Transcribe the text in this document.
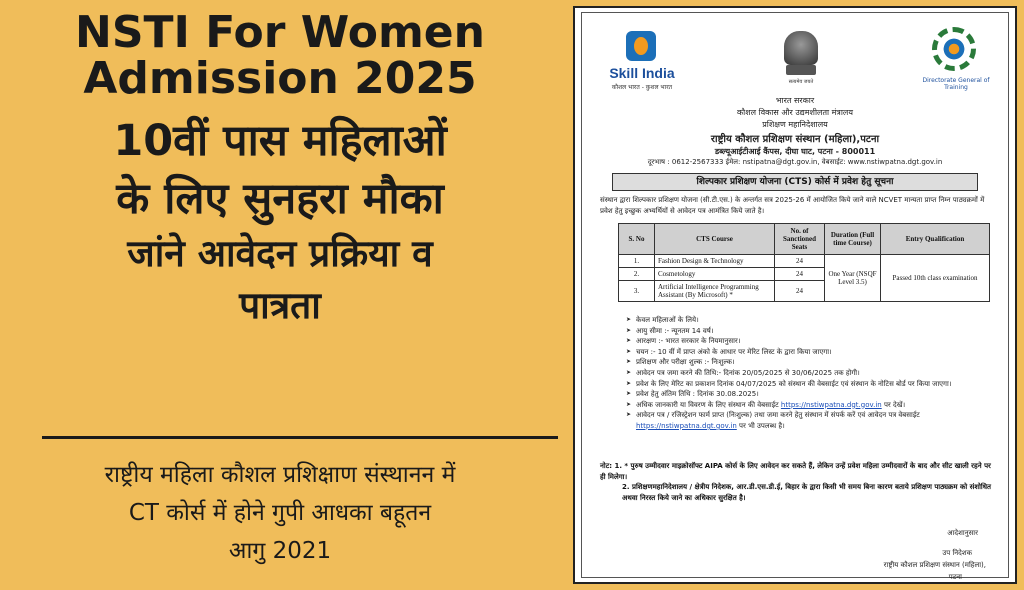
NSTI For Women
Admission 2025
10वीं पास महिलाओं
के लिए सुनहरा मौका
जांने आवेदन प्रक्रिया व
पात्रता
राष्ट्रीय महिला कौशल प्रशिक्षाण संस्थानन में
CT कोर्स में होने गुपी आधका बहूतन
आगु 2021
Skill India
कौशल भारत - कुशल भारत
सत्यमेव जयते	Directorate General of Training
भारत सरकार
कौशल विकास और उद्यमशीलता मंत्रालय
प्रशिक्षण महानिदेशालय
राष्ट्रीय कौशल प्रशिक्षण संस्थान (महिला),पटना
डब्ल्यूआईटीआई कैंपस, दीघा घाट, पटना - 800011
दूरभाष : 0612-2567333 ईमेल: nstipatna@dgt.gov.in, वेबसाईट: www.nstiwpatna.dgt.gov.in
शिल्पकार प्रशिक्षण योजना (CTS) कोर्स में प्रवेश हेतु सूचना
संस्थान द्वारा शिल्पकार प्रशिक्षण योजना (सी.टी.एस.) के अन्तर्गत सत्र 2025-26 में आयोजित किये जाने वाले NCVET मान्यता प्राप्त निम्न पाठ्यक्रमों में प्रवेश हेतु इच्छुक अभ्यर्थियों से आवेदन पत्र आमंत्रित किये जाते है।
S. No	CTS Course	No. of Sanctioned Seats	Duration (Full time Course)	Entry Qualification
1.	Fashion Design & Technology	24	One Year (NSQF Level 3.5)	Passed 10th class examination
2.	Cosmetology	24		
3.	Artificial Intelligence Programming Assistant (By Microsoft) *	24		
➤ केवल महिलाओं के लिये।
➤ आयु सीमा :- न्यूनतम 14 वर्ष।
➤ आरक्षण :- भारत सरकार के नियमानुसार।
➤ चयन :- 10 वीं में प्राप्त अंको के आधार पर मेरिट लिस्ट के द्वारा किया जाएगा।
➤ प्रशिक्षण और परीक्षा शुल्क :- निःशुल्क।
➤ आवेदन पत्र जमा करने की तिथि:- दिनांक 20/05/2025 से 30/06/2025 तक होगी।
➤ प्रवेश के लिए मेरिट का प्रकाशन दिनांक 04/07/2025 को संस्थान की वेबसाईट एवं संस्थान के नोटिस बोर्ड पर किया जाएगा।
➤ प्रवेश हेतु अंतिम तिथि : दिनांक 30.08.2025।
➤ अधिक जानकारी या विवरण के लिए संस्थान की वेबसाईट https://nstiwpatna.dgt.gov.in पर देखें।
➤ आवेदन पत्र / रजिस्ट्रेशन फार्म प्राप्त (निःशुल्क) तथा जमा करने हेतु संस्थान में संपर्क करें एवं आवेदन पत्र वेबसाईट https://nstiwpatna.dgt.gov.in पर भी उपलब्ध है।
नोट: 1. * पुरुष उम्मीदवार माइक्रोसॉफ्ट AIPA कोर्स के लिए आवेदन कर सकते हैं, लेकिन उन्हें प्रवेश महिला उम्मीदवारों के बाद और सीट खाली रहने पर ही मिलेगा।
2. प्रशिक्षणमहानिदेशालय / क्षेत्रीय निदेशक, आर.डी.एस.डी.ई, बिहार के द्वारा किसी भी समय बिना कारण बताये प्रशिक्षण पाठ्यक्रम को संशोधित अथवा निरस्त किये जाने का अधिकार सुरक्षित है।
आदेशानुसार
उप निदेशक
राष्ट्रीय कौशल प्रशिक्षण संस्थान (महिला),
पटना
